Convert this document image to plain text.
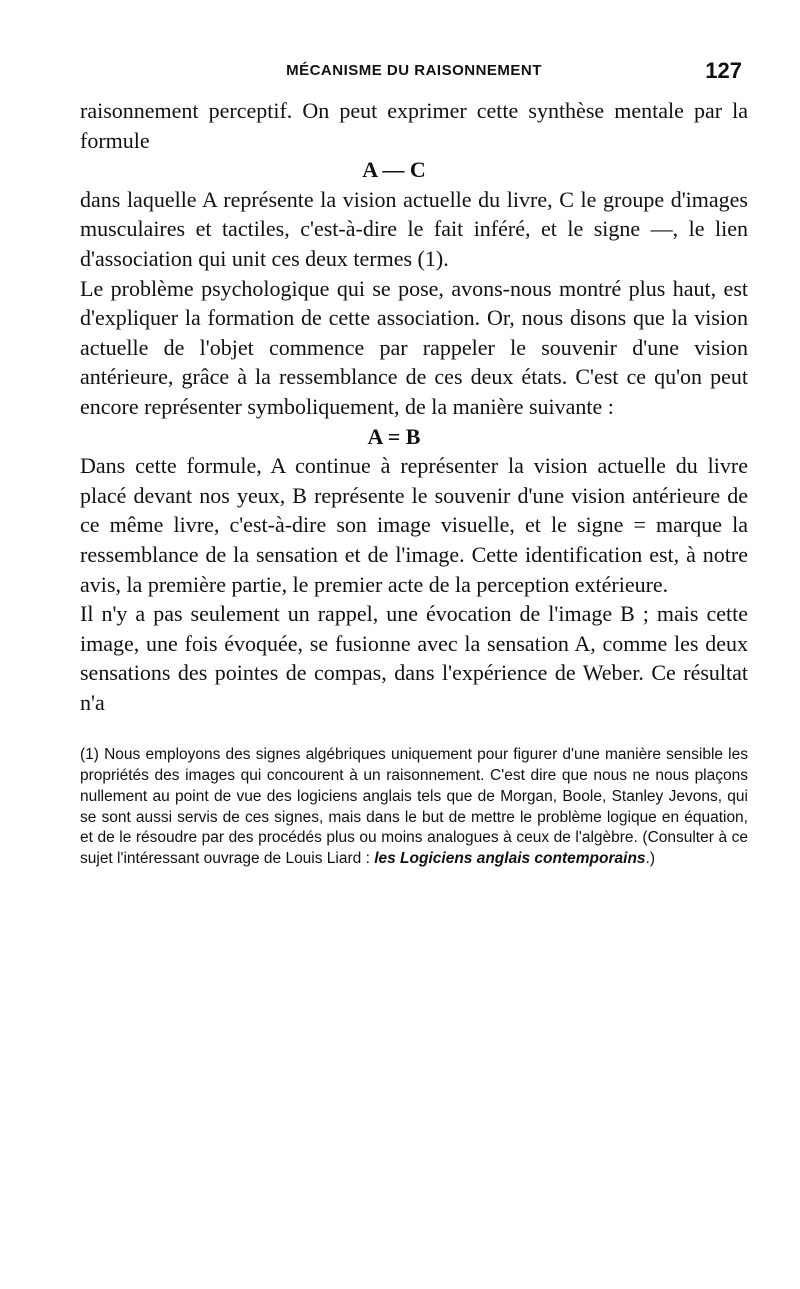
MÉCANISME DU RAISONNEMENT	127

raisonnement perceptif. On peut exprimer cette synthèse mentale par la formule

A — C

dans laquelle A représente la vision actuelle du livre, C le groupe d'images musculaires et tactiles, c'est-à-dire le fait inféré, et le signe —, le lien d'association qui unit ces deux termes (1).

Le problème psychologique qui se pose, avons-nous montré plus haut, est d'expliquer la formation de cette association. Or, nous disons que la vision actuelle de l'objet commence par rappeler le souvenir d'une vision antérieure, grâce à la ressemblance de ces deux états. C'est ce qu'on peut encore représenter symboliquement, de la manière suivante :

A = B

Dans cette formule, A continue à représenter la vision actuelle du livre placé devant nos yeux, B représente le souvenir d'une vision antérieure de ce même livre, c'est-à-dire son image visuelle, et le signe = marque la ressemblance de la sensation et de l'image. Cette identification est, à notre avis, la première partie, le premier acte de la perception extérieure.

Il n'y a pas seulement un rappel, une évocation de l'image B ; mais cette image, une fois évoquée, se fusionne avec la sensation A, comme les deux sensations des pointes de compas, dans l'expérience de Weber. Ce résultat n'a

(1) Nous employons des signes algébriques uniquement pour figurer d'une manière sensible les propriétés des images qui concourent à un raisonnement. C'est dire que nous ne nous plaçons nullement au point de vue des logiciens anglais tels que de Morgan, Boole, Stanley Jevons, qui se sont aussi servis de ces signes, mais dans le but de mettre le problème logique en équation, et de le résoudre par des procédés plus ou moins analogues à ceux de l'algèbre. (Consulter à ce sujet l'intéressant ouvrage de Louis Liard : les Logiciens anglais contemporains.)
